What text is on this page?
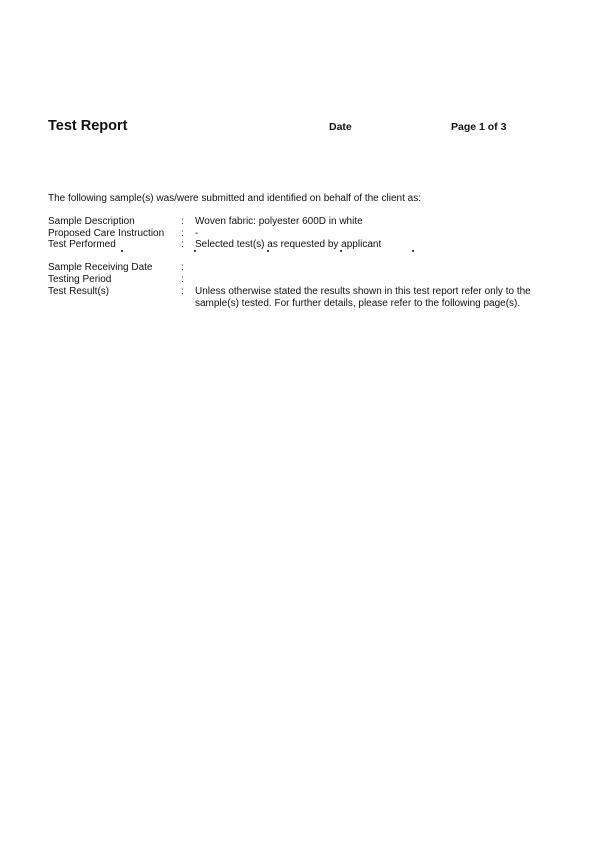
Test Report	Date	Page 1 of 3
The following sample(s) was/were submitted and identified on behalf of the client as:
Sample Description	: Woven fabric: polyester 600D in white
Proposed Care Instruction : -
Test Performed	: Selected test(s) as requested by applicant
Sample Receiving Date	:
Testing Period	:
Test Result(s)	: Unless otherwise stated the results shown in this test report refer only to the sample(s) tested. For further details, please refer to the following page(s).
